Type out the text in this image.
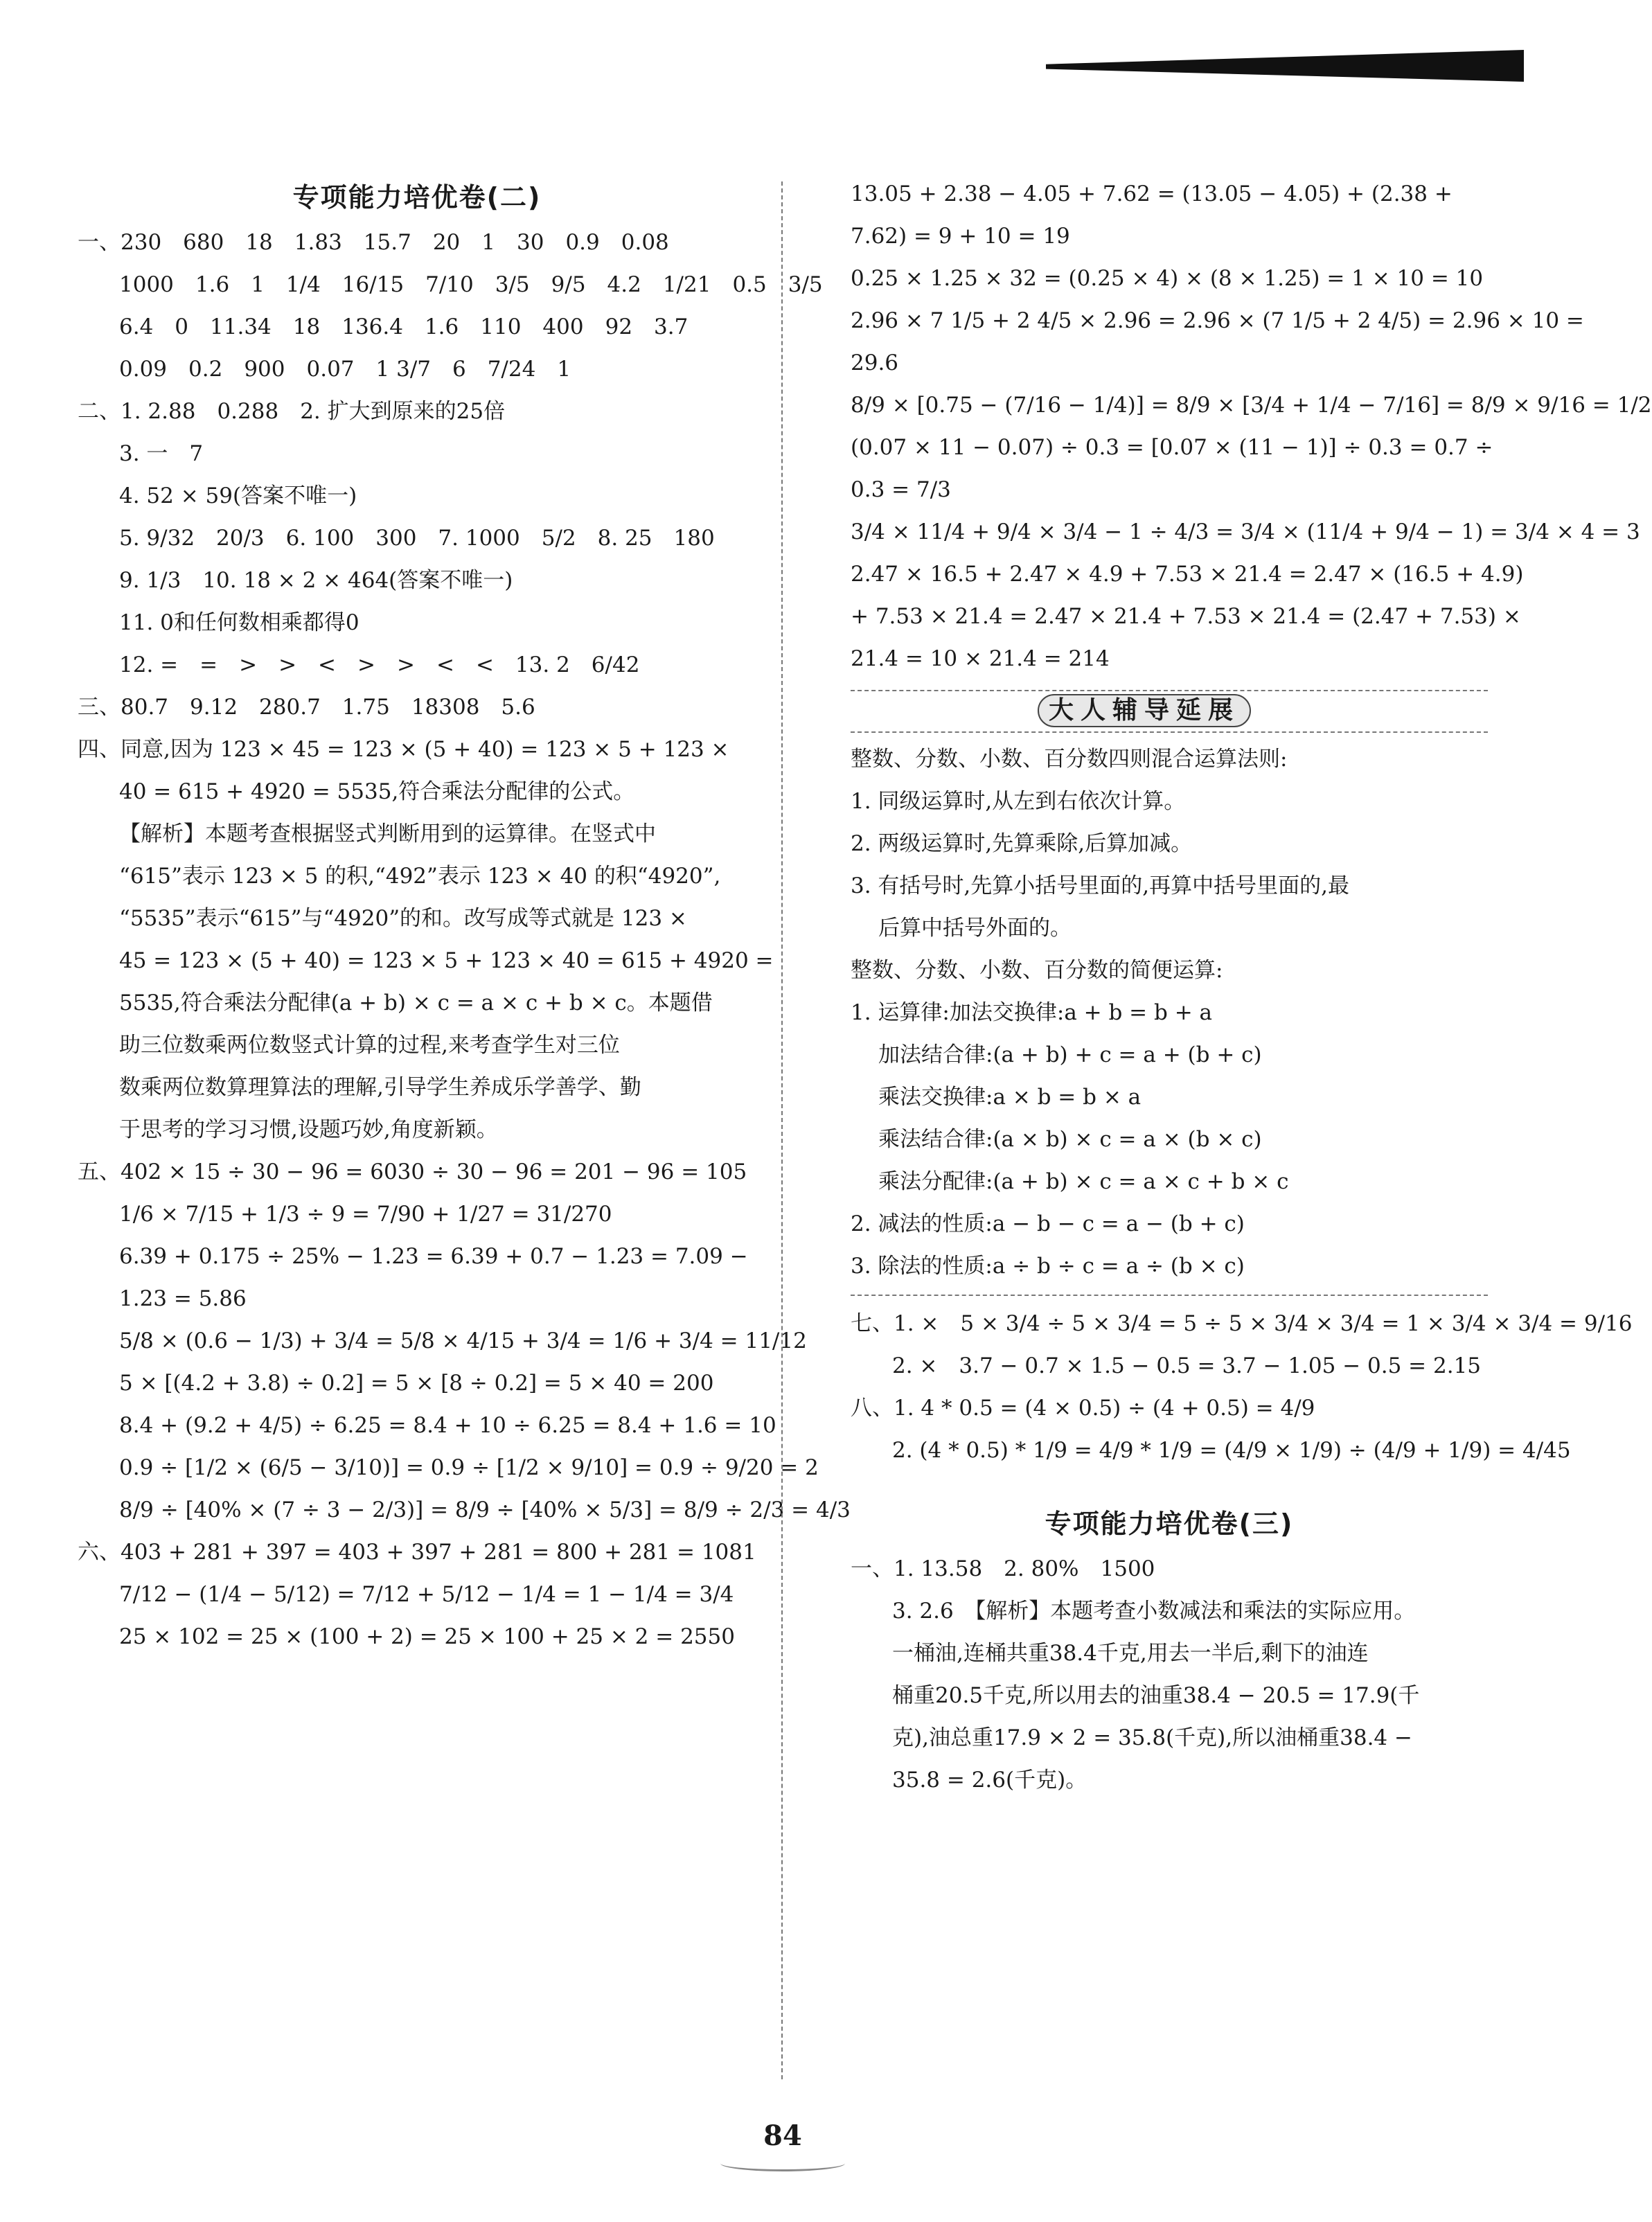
专项能力培优卷(二)
一、230　680　18　1.83　15.7　20　1　30　0.9　0.08
1000　1.6　1　1/4　16/15　7/10　3/5　9/5　4.2　1/21　0.5　3/5
6.4　0　11.34　18　136.4　1.6　110　400　92　3.7
0.09　0.2　900　0.07　1 3/7　6　7/24　1
二、1. 2.88　0.288　2. 扩大到原来的25倍
3. 一　7
4. 52 × 59(答案不唯一)
5. 9/32　20/3　6. 100　300　7. 1000　5/2　8. 25　180
9. 1/3　10. 18 × 2 × 464(答案不唯一)
11. 0和任何数相乘都得0
12. =　=　>　>　<　>　>　<　<　13. 2　6/42
三、80.7　9.12　280.7　1.75　18308　5.6
四、同意,因为 123 × 45 = 123 × (5 + 40) = 123 × 5 + 123 ×
40 = 615 + 4920 = 5535,符合乘法分配律的公式。
【解析】本题考查根据竖式判断用到的运算律。在竖式中
“615”表示 123 × 5 的积,“492”表示 123 × 40 的积“4920”,
“5535”表示“615”与“4920”的和。改写成等式就是 123 ×
45 = 123 × (5 + 40) = 123 × 5 + 123 × 40 = 615 + 4920 =
5535,符合乘法分配律(a + b) × c = a × c + b × c。本题借
助三位数乘两位数竖式计算的过程,来考查学生对三位
数乘两位数算理算法的理解,引导学生养成乐学善学、勤
于思考的学习习惯,设题巧妙,角度新颖。
五、402 × 15 ÷ 30 − 96 = 6030 ÷ 30 − 96 = 201 − 96 = 105
1/6 × 7/15 + 1/3 ÷ 9 = 7/90 + 1/27 = 31/270
6.39 + 0.175 ÷ 25% − 1.23 = 6.39 + 0.7 − 1.23 = 7.09 −
1.23 = 5.86
5/8 × (0.6 − 1/3) + 3/4 = 5/8 × 4/15 + 3/4 = 1/6 + 3/4 = 11/12
5 × [(4.2 + 3.8) ÷ 0.2] = 5 × [8 ÷ 0.2] = 5 × 40 = 200
8.4 + (9.2 + 4/5) ÷ 6.25 = 8.4 + 10 ÷ 6.25 = 8.4 + 1.6 = 10
0.9 ÷ [1/2 × (6/5 − 3/10)] = 0.9 ÷ [1/2 × 9/10] = 0.9 ÷ 9/20 = 2
8/9 ÷ [40% × (7 ÷ 3 − 2/3)] = 8/9 ÷ [40% × 5/3] = 8/9 ÷ 2/3 = 4/3
六、403 + 281 + 397 = 403 + 397 + 281 = 800 + 281 = 1081
7/12 − (1/4 − 5/12) = 7/12 + 5/12 − 1/4 = 1 − 1/4 = 3/4
25 × 102 = 25 × (100 + 2) = 25 × 100 + 25 × 2 = 2550
13.05 + 2.38 − 4.05 + 7.62 = (13.05 − 4.05) + (2.38 +
7.62) = 9 + 10 = 19
0.25 × 1.25 × 32 = (0.25 × 4) × (8 × 1.25) = 1 × 10 = 10
2.96 × 7 1/5 + 2 4/5 × 2.96 = 2.96 × (7 1/5 + 2 4/5) = 2.96 × 10 =
29.6
8/9 × [0.75 − (7/16 − 1/4)] = 8/9 × [3/4 + 1/4 − 7/16] = 8/9 × 9/16 = 1/2
(0.07 × 11 − 0.07) ÷ 0.3 = [0.07 × (11 − 1)] ÷ 0.3 = 0.7 ÷
0.3 = 7/3
3/4 × 11/4 + 9/4 × 3/4 − 1 ÷ 4/3 = 3/4 × (11/4 + 9/4 − 1) = 3/4 × 4 = 3
2.47 × 16.5 + 2.47 × 4.9 + 7.53 × 21.4 = 2.47 × (16.5 + 4.9)
+ 7.53 × 21.4 = 2.47 × 21.4 + 7.53 × 21.4 = (2.47 + 7.53) ×
21.4 = 10 × 21.4 = 214
大人辅导延展
整数、分数、小数、百分数四则混合运算法则:
1. 同级运算时,从左到右依次计算。
2. 两级运算时,先算乘除,后算加减。
3. 有括号时,先算小括号里面的,再算中括号里面的,最
后算中括号外面的。
整数、分数、小数、百分数的简便运算:
1. 运算律:加法交换律:a + b = b + a
加法结合律:(a + b) + c = a + (b + c)
乘法交换律:a × b = b × a
乘法结合律:(a × b) × c = a × (b × c)
乘法分配律:(a + b) × c = a × c + b × c
2. 减法的性质:a − b − c = a − (b + c)
3. 除法的性质:a ÷ b ÷ c = a ÷ (b × c)
七、1. ×　5 × 3/4 ÷ 5 × 3/4 = 5 ÷ 5 × 3/4 × 3/4 = 1 × 3/4 × 3/4 = 9/16
2. ×　3.7 − 0.7 × 1.5 − 0.5 = 3.7 − 1.05 − 0.5 = 2.15
八、1. 4 * 0.5 = (4 × 0.5) ÷ (4 + 0.5) = 4/9
2. (4 * 0.5) * 1/9 = 4/9 * 1/9 = (4/9 × 1/9) ÷ (4/9 + 1/9) = 4/45
专项能力培优卷(三)
一、1. 13.58　2. 80%　1500
3. 2.6　【解析】本题考查小数减法和乘法的实际应用。
一桶油,连桶共重38.4千克,用去一半后,剩下的油连
桶重20.5千克,所以用去的油重38.4 − 20.5 = 17.9(千
克),油总重17.9 × 2 = 35.8(千克),所以油桶重38.4 −
35.8 = 2.6(千克)。
84
